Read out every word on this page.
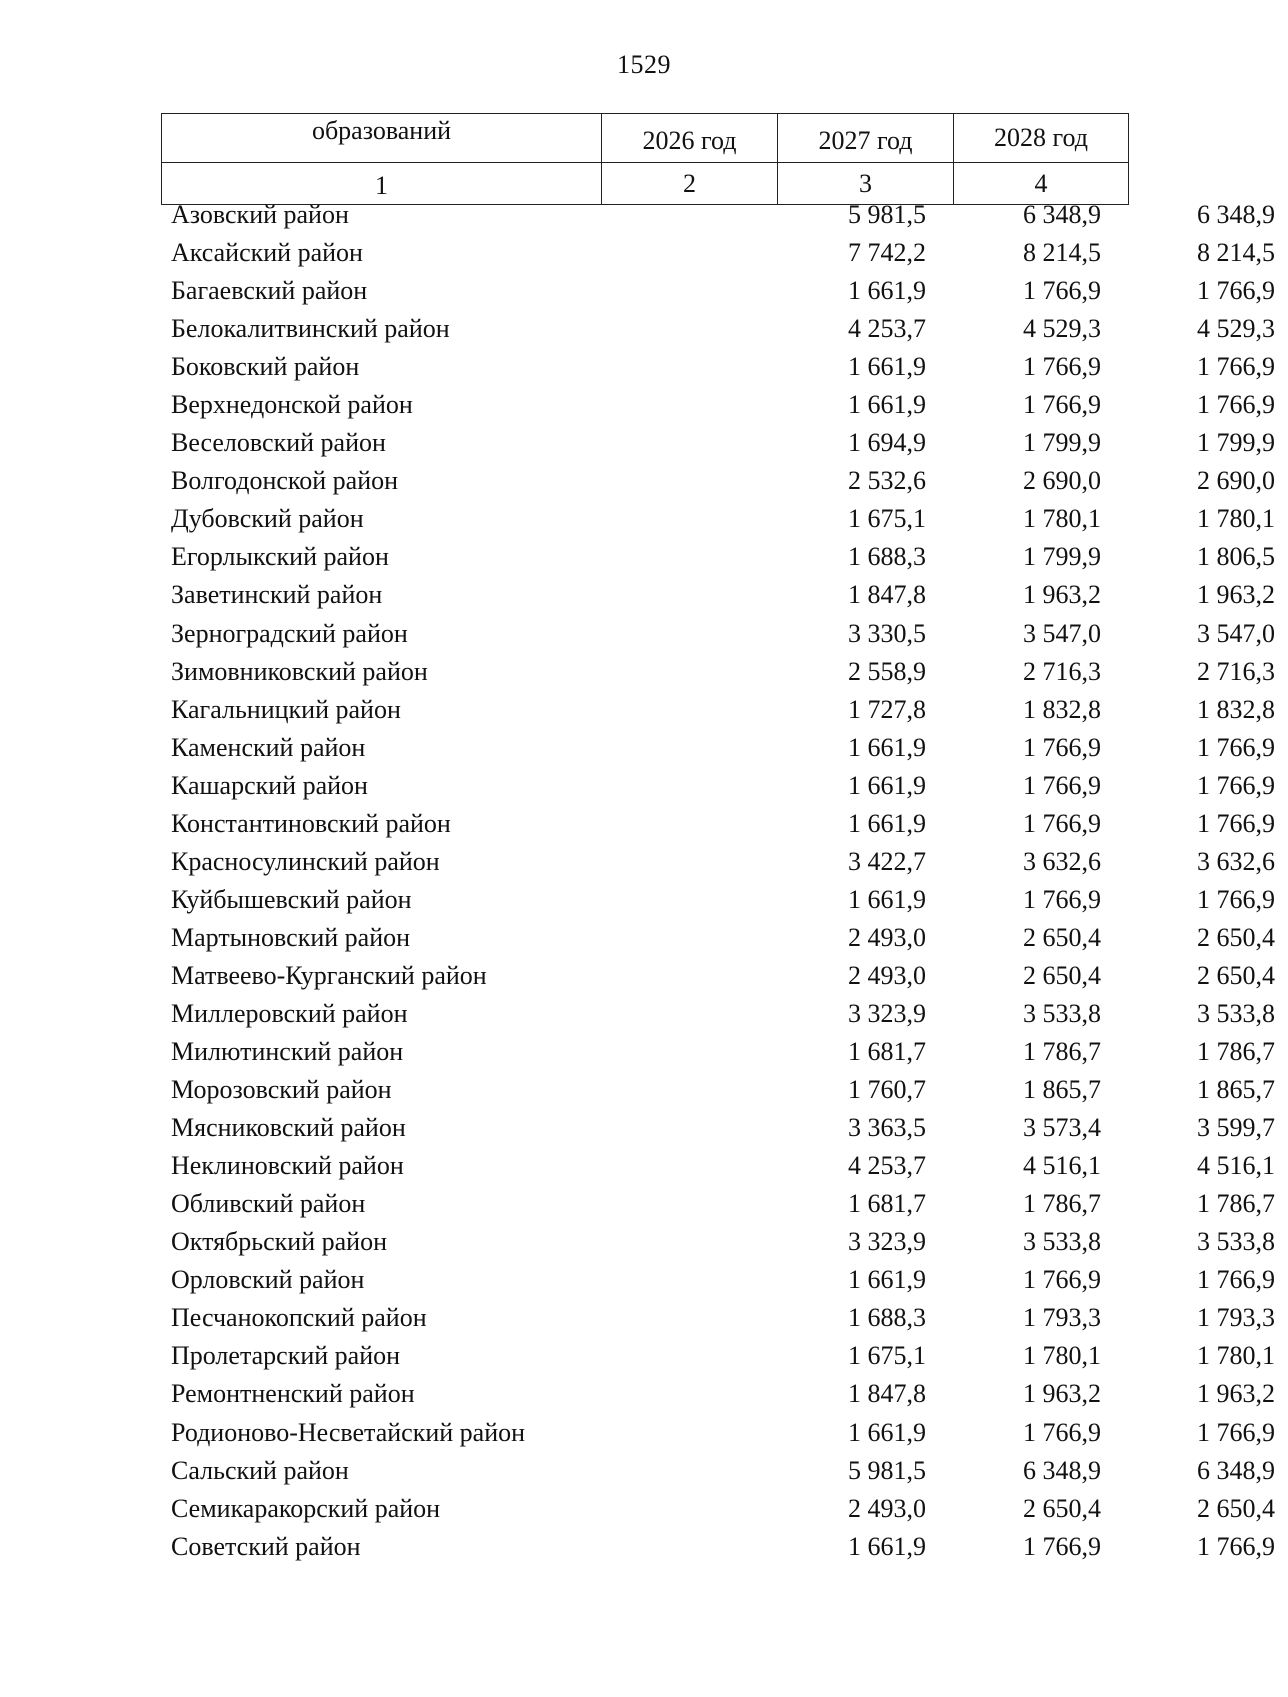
1529
образований	2026 год	2027 год	2028 год
1	2	3	4
Азовский район	5 981,5	6 348,9	6 348,9
Аксайский район	7 742,2	8 214,5	8 214,5
Багаевский район	1 661,9	1 766,9	1 766,9
Белокалитвинский район	4 253,7	4 529,3	4 529,3
Боковский район	1 661,9	1 766,9	1 766,9
Верхнедонской район	1 661,9	1 766,9	1 766,9
Веселовский район	1 694,9	1 799,9	1 799,9
Волгодонской район	2 532,6	2 690,0	2 690,0
Дубовский район	1 675,1	1 780,1	1 780,1
Егорлыкский район	1 688,3	1 799,9	1 806,5
Заветинский район	1 847,8	1 963,2	1 963,2
Зерноградский район	3 330,5	3 547,0	3 547,0
Зимовниковский район	2 558,9	2 716,3	2 716,3
Кагальницкий район	1 727,8	1 832,8	1 832,8
Каменский район	1 661,9	1 766,9	1 766,9
Кашарский район	1 661,9	1 766,9	1 766,9
Константиновский район	1 661,9	1 766,9	1 766,9
Красносулинский район	3 422,7	3 632,6	3 632,6
Куйбышевский район	1 661,9	1 766,9	1 766,9
Мартыновский район	2 493,0	2 650,4	2 650,4
Матвеево-Курганский район	2 493,0	2 650,4	2 650,4
Миллеровский район	3 323,9	3 533,8	3 533,8
Милютинский район	1 681,7	1 786,7	1 786,7
Морозовский район	1 760,7	1 865,7	1 865,7
Мясниковский район	3 363,5	3 573,4	3 599,7
Неклиновский район	4 253,7	4 516,1	4 516,1
Обливский район	1 681,7	1 786,7	1 786,7
Октябрьский район	3 323,9	3 533,8	3 533,8
Орловский район	1 661,9	1 766,9	1 766,9
Песчанокопский район	1 688,3	1 793,3	1 793,3
Пролетарский район	1 675,1	1 780,1	1 780,1
Ремонтненский район	1 847,8	1 963,2	1 963,2
Родионово-Несветайский район	1 661,9	1 766,9	1 766,9
Сальский район	5 981,5	6 348,9	6 348,9
Семикаракорский район	2 493,0	2 650,4	2 650,4
Советский район	1 661,9	1 766,9	1 766,9
